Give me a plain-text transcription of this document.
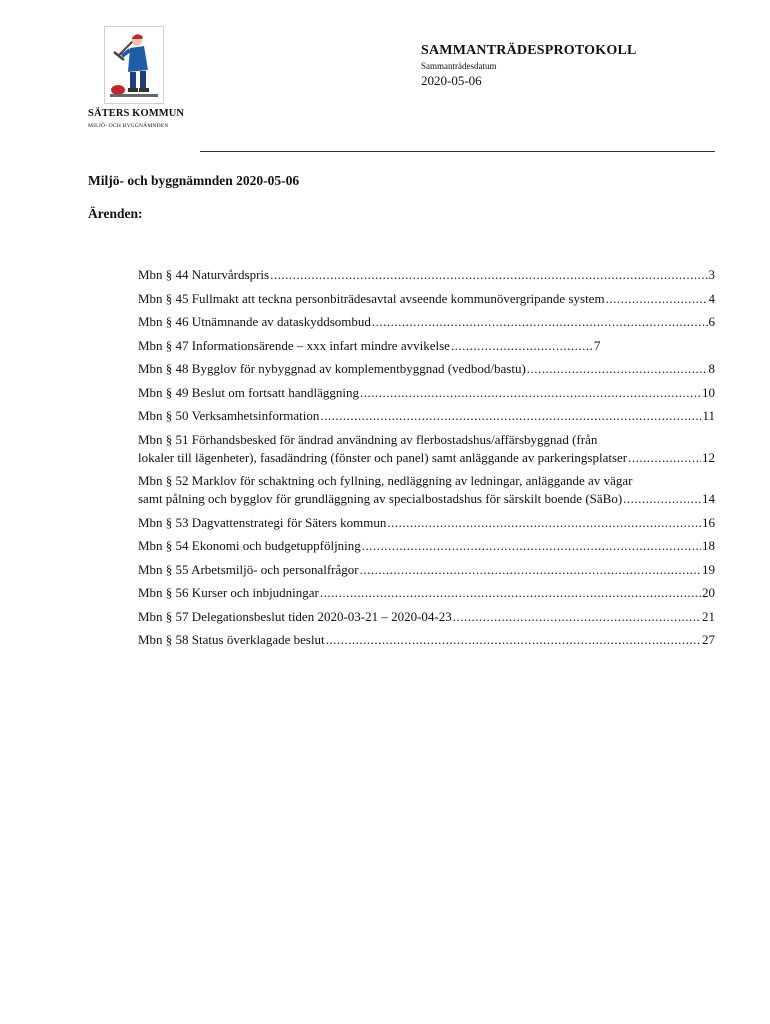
SÄTERS KOMMUN
MILJÖ- OCH BYGGNÄMNDEN
SAMMANTRÄDESPROTOKOLL
Sammanträdesdatum
2020-05-06
Miljö- och byggnämnden 2020-05-06
Ärenden:
Mbn § 44 Naturvårdspris .....	3
Mbn § 45 Fullmakt att teckna personbiträdesavtal avseende kommunövergripande system .....	4
Mbn § 46 Utnämnande av dataskyddsombud .....	6
Mbn § 47 Informationsärende – xxx infart mindre avvikelse .....	7
Mbn § 48 Bygglov för nybyggnad av komplementbyggnad (vedbod/bastu) .....	8
Mbn § 49 Beslut om fortsatt handläggning .....	10
Mbn § 50 Verksamhetsinformation .....	11
Mbn § 51 Förhandsbesked för ändrad användning av flerbostadshus/affärsbyggnad (från
lokaler till lägenheter), fasadändring (fönster och panel) samt anläggande av parkeringsplatser .....	12
Mbn § 52 Marklov för schaktning och fyllning, nedläggning av ledningar, anläggande av vägar
samt pålning och bygglov för grundläggning av specialbostadshus för särskilt boende (SäBo) .....	14
Mbn § 53 Dagvattenstrategi för Säters kommun .....	16
Mbn § 54 Ekonomi och budgetuppföljning .....	18
Mbn § 55 Arbetsmiljö- och personalfrågor .....	19
Mbn § 56 Kurser och inbjudningar .....	20
Mbn § 57 Delegationsbeslut tiden 2020-03-21 – 2020-04-23 .....	21
Mbn § 58 Status överklagade beslut .....	27
